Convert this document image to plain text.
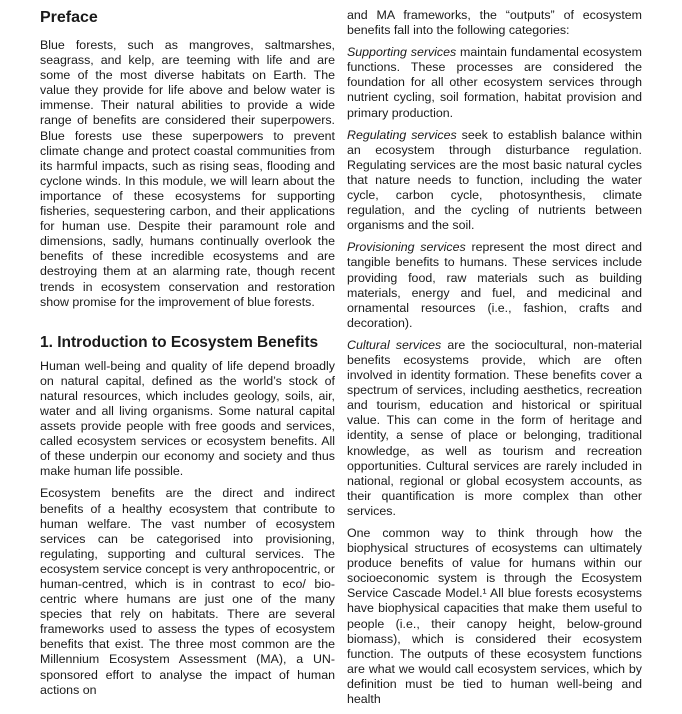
Preface

Blue forests, such as mangroves, saltmarshes, seagrass, and kelp, are teeming with life and are some of the most diverse habitats on Earth. The value they provide for life above and below water is immense. Their natural abilities to provide a wide range of benefits are considered their superpowers. Blue forests use these superpowers to prevent climate change and protect coastal communities from its harmful impacts, such as rising seas, flooding and cyclone winds. In this module, we will learn about the importance of these ecosystems for supporting fisheries, sequestering carbon, and their applications for human use. Despite their paramount role and dimensions, sadly, humans continually overlook the benefits of these incredible ecosystems and are destroying them at an alarming rate, though recent trends in ecosystem conservation and restoration show promise for the improvement of blue forests.

1. Introduction to Ecosystem Benefits

Human well-being and quality of life depend broadly on natural capital, defined as the world’s stock of natural resources, which includes geology, soils, air, water and all living organisms. Some natural capital assets provide people with free goods and services, called ecosystem services or ecosystem benefits. All of these underpin our economy and society and thus make human life possible.

Ecosystem benefits are the direct and indirect benefits of a healthy ecosystem that contribute to human welfare. The vast number of ecosystem services can be categorised into provisioning, regulating, supporting and cultural services. The ecosystem service concept is very anthropocentric, or human-centred, which is in contrast to eco/ bio-centric where humans are just one of the many species that rely on habitats. There are several frameworks used to assess the types of ecosystem benefits that exist. The three most common are the Millennium Ecosystem Assessment (MA), a UN-sponsored effort to analyse the impact of human actions on

and MA frameworks, the “outputs” of ecosystem benefits fall into the following categories:

Supporting services maintain fundamental ecosystem functions. These processes are considered the foundation for all other ecosystem services through nutrient cycling, soil formation, habitat provision and primary production.

Regulating services seek to establish balance within an ecosystem through disturbance regulation. Regulating services are the most basic natural cycles that nature needs to function, including the water cycle, carbon cycle, photosynthesis, climate regulation, and the cycling of nutrients between organisms and the soil.

Provisioning services represent the most direct and tangible benefits to humans. These services include providing food, raw materials such as building materials, energy and fuel, and medicinal and ornamental resources (i.e., fashion, crafts and decoration).

Cultural services are the sociocultural, non-material benefits ecosystems provide, which are often involved in identity formation. These benefits cover a spectrum of services, including aesthetics, recreation and tourism, education and historical or spiritual value. This can come in the form of heritage and identity, a sense of place or belonging, traditional knowledge, as well as tourism and recreation opportunities. Cultural services are rarely included in national, regional or global ecosystem accounts, as their quantification is more complex than other services.

One common way to think through how the biophysical structures of ecosystems can ultimately produce benefits of value for humans within our socioeconomic system is through the Ecosystem Service Cascade Model.¹ All blue forests ecosystems have biophysical capacities that make them useful to people (i.e., their canopy height, below-ground biomass), which is considered their ecosystem function. The outputs of these ecosystem functions are what we would call ecosystem services, which by definition must be tied to human well-being and health
